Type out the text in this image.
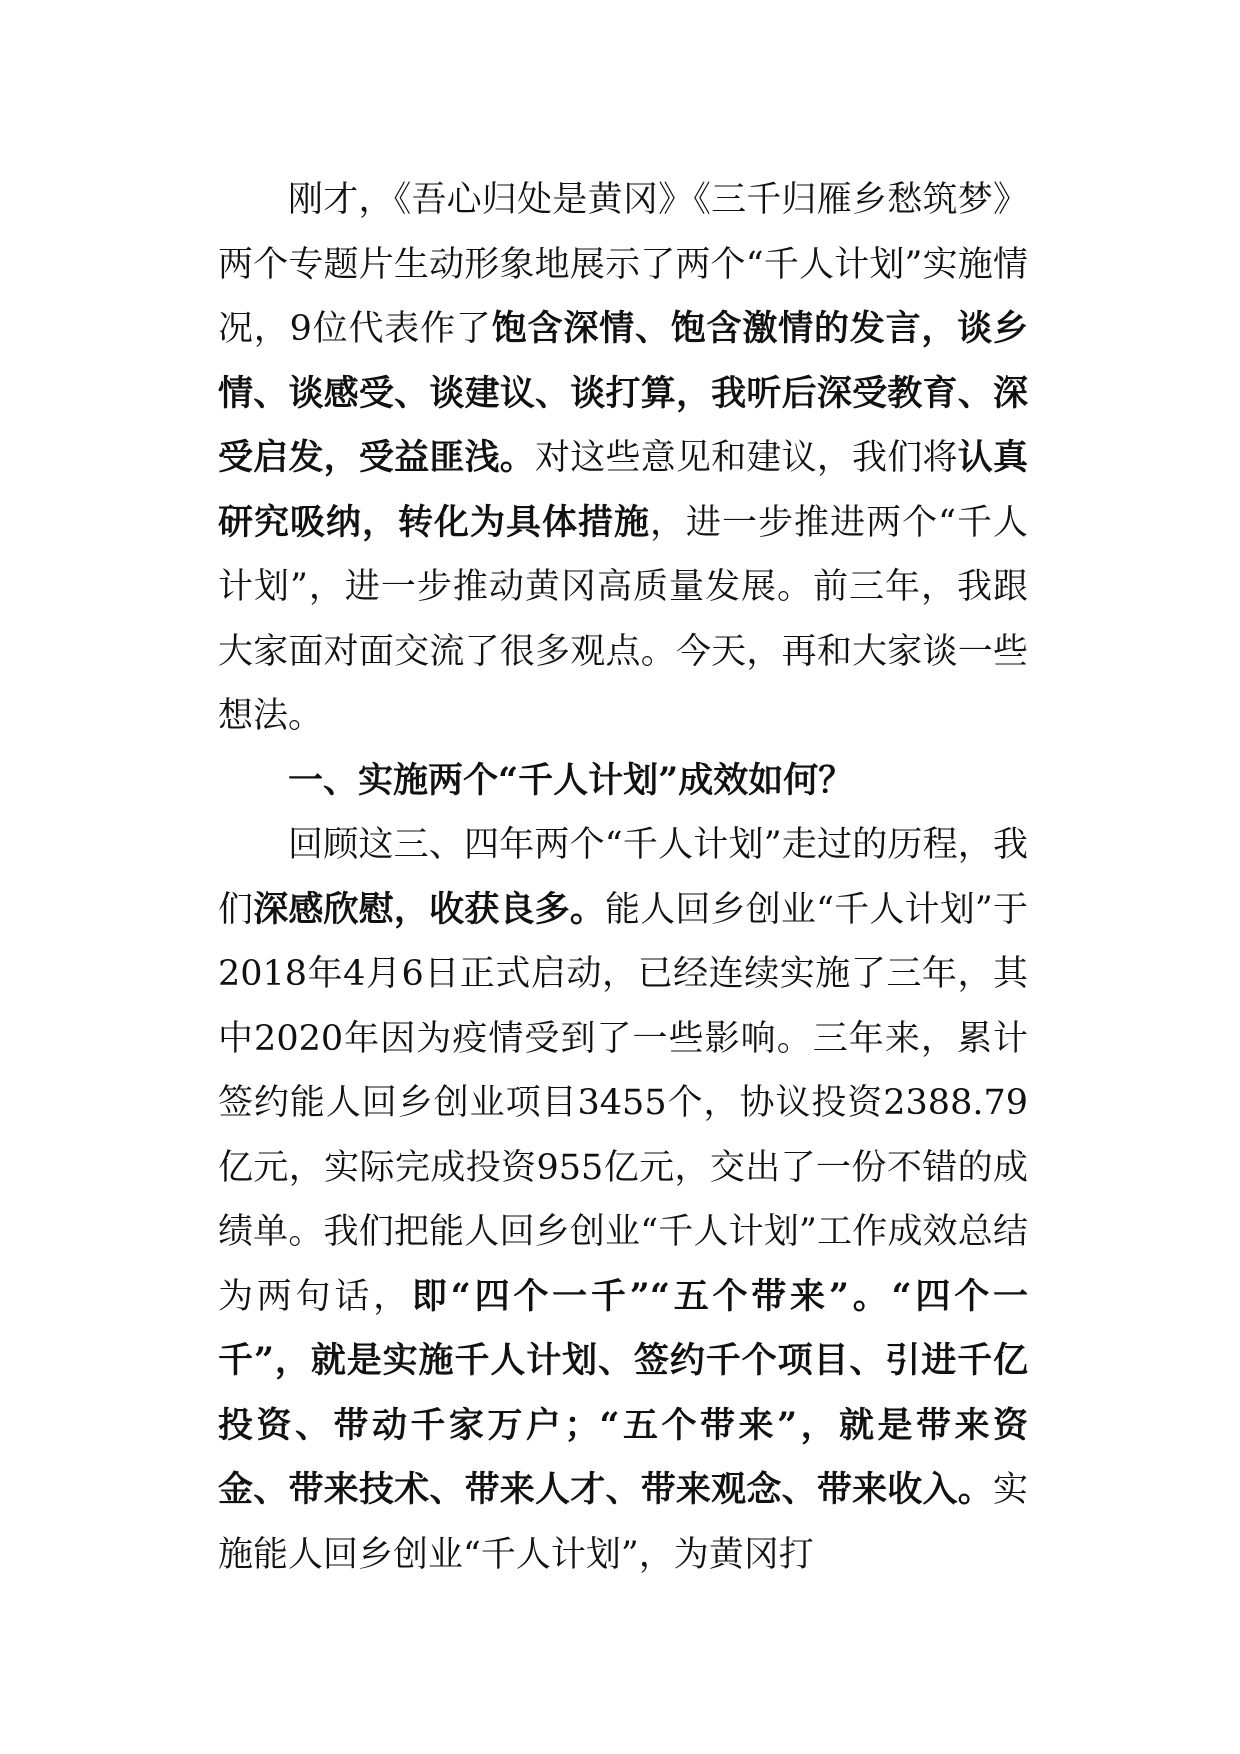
刚才，《吾心归处是黄冈》《三千归雁乡愁筑梦》两个专题片生动形象地展示了两个“千人计划”实施情况，9位代表作了饱含深情、饱含激情的发言，谈乡情、谈感受、谈建议、谈打算，我听后深受教育、深受启发，受益匪浅。对这些意见和建议，我们将认真研究吸纳，转化为具体措施，进一步推进两个“千人计划”，进一步推动黄冈高质量发展。前三年，我跟大家面对面交流了很多观点。今天，再和大家谈一些想法。

一、实施两个“千人计划”成效如何？

回顾这三、四年两个“千人计划”走过的历程，我们深感欣慰，收获良多。能人回乡创业“千人计划”于2018年4月6日正式启动，已经连续实施了三年，其中2020年因为疫情受到了一些影响。三年来，累计签约能人回乡创业项目3455个，协议投资2388.79亿元，实际完成投资955亿元，交出了一份不错的成绩单。我们把能人回乡创业“千人计划”工作成效总结为两句话，即“四个一千”“五个带来”。“四个一千”，就是实施千人计划、签约千个项目、引进千亿投资、带动千家万户；“五个带来”，就是带来资金、带来技术、带来人才、带来观念、带来收入。实施能人回乡创业“千人计划”，为黄冈打
